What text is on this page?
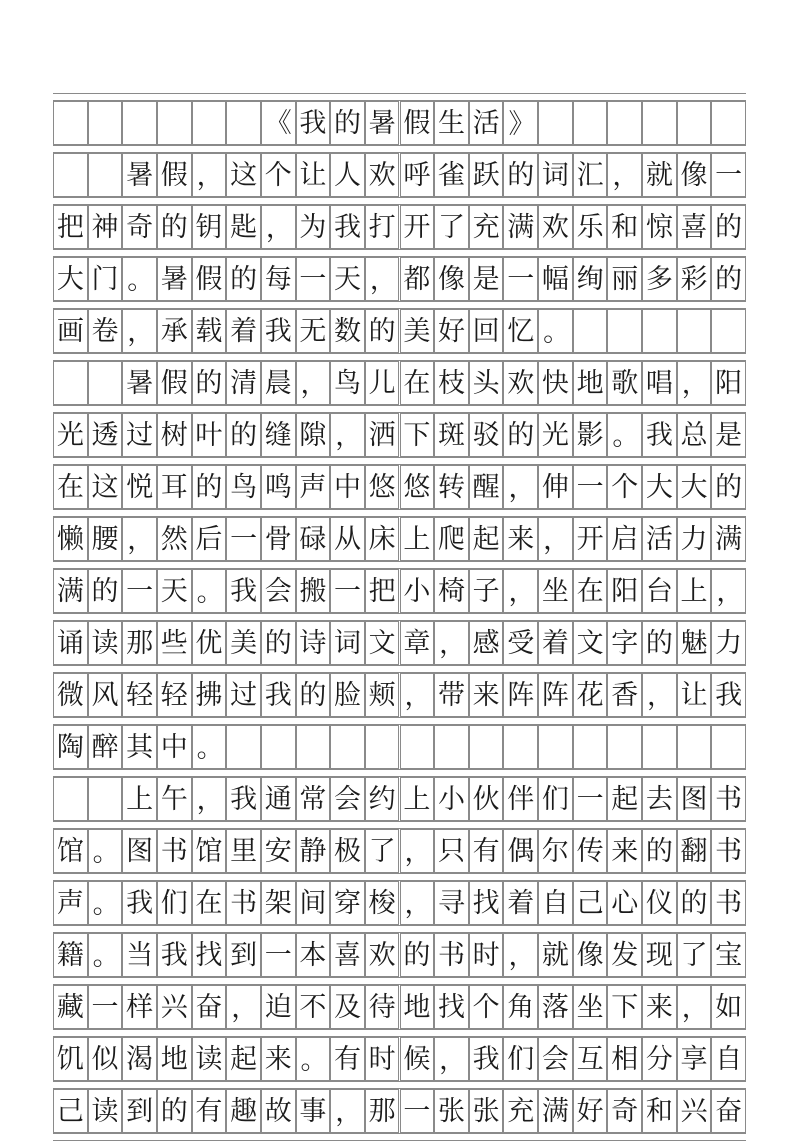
《 我 的 暑 假 生 活 》
暑 假 ， 这 个 让 人 欢 呼 雀 跃 的 词 汇 ， 就 像 一
把 神 奇 的 钥 匙 ， 为 我 打 开 了 充 满 欢 乐 和 惊 喜 的
大 门 。 暑 假 的 每 一 天 ， 都 像 是 一 幅 绚 丽 多 彩 的
画 卷 ， 承 载 着 我 无 数 的 美 好 回 忆 。
暑 假 的 清 晨 ， 鸟 儿 在 枝 头 欢 快 地 歌 唱 ， 阳
光 透 过 树 叶 的 缝 隙 ， 洒 下 斑 驳 的 光 影 。 我 总 是
在 这 悦 耳 的 鸟 鸣 声 中 悠 悠 转 醒 ， 伸 一 个 大 大 的
懒 腰 ， 然 后 一 骨 碌 从 床 上 爬 起 来 ， 开 启 活 力 满
满 的 一 天 。 我 会 搬 一 把 小 椅 子 ， 坐 在 阳 台 上 ，
诵 读 那 些 优 美 的 诗 词 文 章 ， 感 受 着 文 字 的 魅 力
微 风 轻 轻 拂 过 我 的 脸 颊 ， 带 来 阵 阵 花 香 ， 让 我
陶 醉 其 中 。
上 午 ， 我 通 常 会 约 上 小 伙 伴 们 一 起 去 图 书
馆 。 图 书 馆 里 安 静 极 了 ， 只 有 偶 尔 传 来 的 翻 书
声 。 我 们 在 书 架 间 穿 梭 ， 寻 找 着 自 己 心 仪 的 书
籍 。 当 我 找 到 一 本 喜 欢 的 书 时 ， 就 像 发 现 了 宝
藏 一 样 兴 奋 ， 迫 不 及 待 地 找 个 角 落 坐 下 来 ， 如
饥 似 渴 地 读 起 来 。 有 时 候 ， 我 们 会 互 相 分 享 自
己 读 到 的 有 趣 故 事 ， 那 一 张 张 充 满 好 奇 和 兴 奋
